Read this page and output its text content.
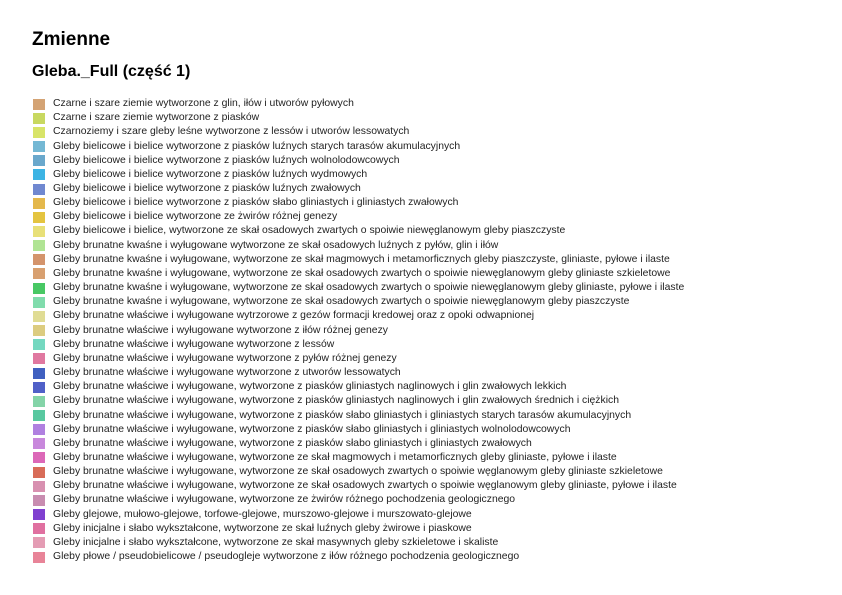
Zmienne
Gleba._Full (część 1)
Czarne i szare ziemie wytworzone z glin, iłów i utworów pyłowych
Czarne i szare ziemie wytworzone z piasków
Czarnoziemy i szare gleby leśne wytworzone z lessów i utworów lessowatych
Gleby bielicowe i bielice wytworzone z piasków luźnych starych tarasów akumulacyjnych
Gleby bielicowe i bielice wytworzone z piasków luźnych wolnolodowcowych
Gleby bielicowe i bielice wytworzone z piasków luźnych wydmowych
Gleby bielicowe i bielice wytworzone z piasków luźnych zwałowych
Gleby bielicowe i bielice wytworzone z piasków słabo gliniastych i gliniastych zwałowych
Gleby bielicowe i bielice wytworzone ze żwirów różnej genezy
Gleby bielicowe i bielice, wytworzone ze skał osadowych zwartych o spoiwie niewęglanowym gleby piaszczyste
Gleby brunatne kwaśne i wyługowane wytworzone ze skał osadowych luźnych z pyłów, glin i iłów
Gleby brunatne kwaśne i wyługowane, wytworzone ze skał magmowych i metamorficznych gleby piaszczyste, gliniaste, pyłowe i ilaste
Gleby brunatne kwaśne i wyługowane, wytworzone ze skał osadowych zwartych o spoiwie niewęglanowym gleby gliniaste szkieletowe
Gleby brunatne kwaśne i wyługowane, wytworzone ze skał osadowych zwartych o spoiwie niewęglanowym gleby gliniaste, pyłowe i ilaste
Gleby brunatne kwaśne i wyługowane, wytworzone ze skał osadowych zwartych o spoiwie niewęglanowym gleby piaszczyste
Gleby brunatne właściwe i wyługowane wytrzorowe z gezów formacji kredowej oraz z opoki odwapnionej
Gleby brunatne właściwe i wyługowane wytworzone z iłów różnej genezy
Gleby brunatne właściwe i wyługowane wytworzone z lessów
Gleby brunatne właściwe i wyługowane wytworzone z pyłów różnej genezy
Gleby brunatne właściwe i wyługowane wytworzone z utworów lessowatych
Gleby brunatne właściwe i wyługowane, wytworzone z piasków gliniastych naglinowych i glin zwałowych lekkich
Gleby brunatne właściwe i wyługowane, wytworzone z piasków gliniastych naglinowych i glin zwałowych średnich i ciężkich
Gleby brunatne właściwe i wyługowane, wytworzone z piasków słabo gliniastych i gliniastych starych tarasów akumulacyjnych
Gleby brunatne właściwe i wyługowane, wytworzone z piasków słabo gliniastych i gliniastych wolnolodowcowych
Gleby brunatne właściwe i wyługowane, wytworzone z piasków słabo gliniastych i gliniastych zwałowych
Gleby brunatne właściwe i wyługowane, wytworzone ze skał magmowych i metamorficznych gleby gliniaste, pyłowe i ilaste
Gleby brunatne właściwe i wyługowane, wytworzone ze skał osadowych zwartych o spoiwie węglanowym gleby gliniaste szkieletowe
Gleby brunatne właściwe i wyługowane, wytworzone ze skał osadowych zwartych o spoiwie węglanowym gleby gliniaste, pyłowe i ilaste
Gleby brunatne właściwe i wyługowane, wytworzone ze żwirów różnego pochodzenia geologicznego
Gleby glejowe, mułowo-glejowe, torfowe-glejowe, murszowo-glejowe i murszowato-glejowe
Gleby inicjalne i słabo wykształcone, wytworzone ze skał luźnych gleby żwirowe i piaskowe
Gleby inicjalne i słabo wykształcone, wytworzone ze skał masywnych gleby szkieletowe i skaliste
Gleby płowe / pseudobielicowe / pseudogleje wytworzone z iłów różnego pochodzenia geologicznego
